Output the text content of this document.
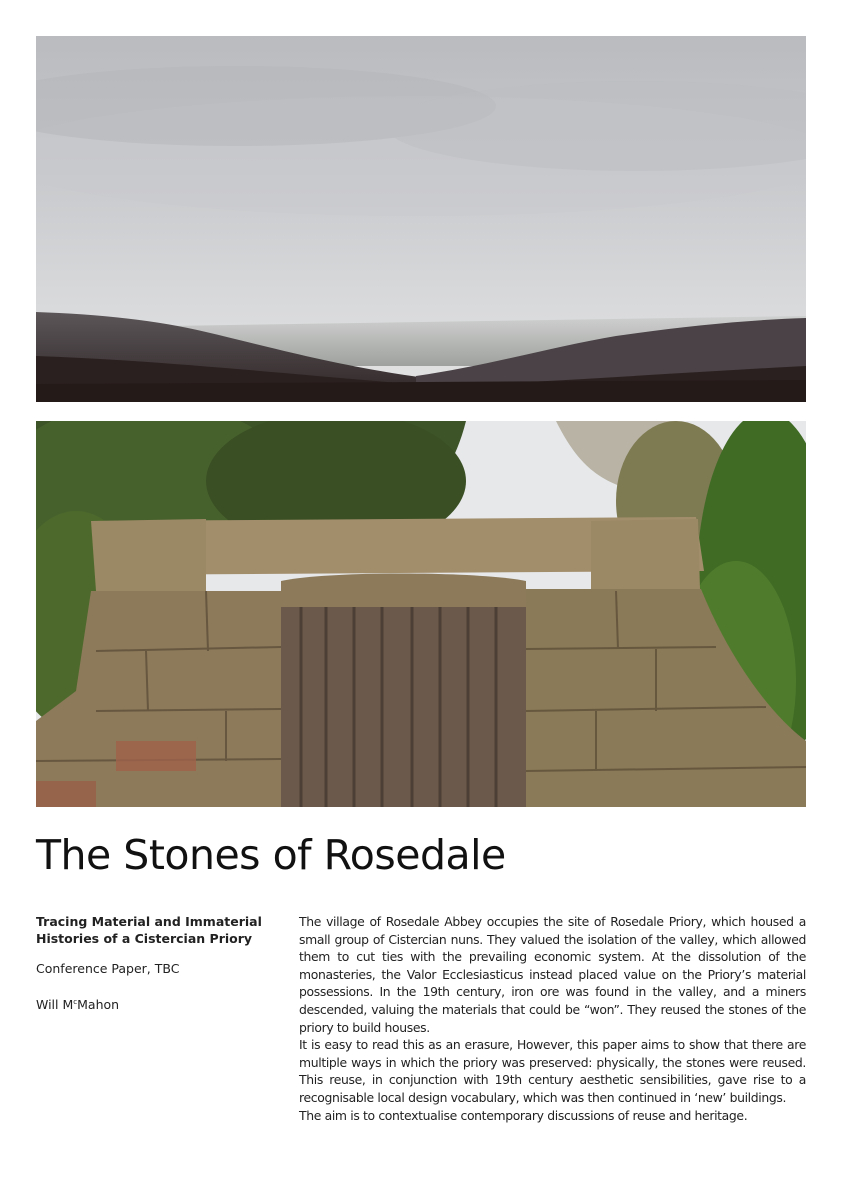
The Stones of Rosedale

Tracing Material and Immaterial
Histories of a Cistercian Priory

Conference Paper, TBC

Will $M^cMahon$

The village of Rosedale Abbey occupies the site of Rosedale Priory, which housed a small group of Cistercian nuns. They valued the isolation of the valley, which allowed them to cut ties with the prevailing economic system. At the dissolution of the monasteries, the Valor Ecclesiasticus instead placed value on the Priory’s material possessions. In the 19th century, iron ore was found in the valley, and a miners descended, valuing the materials that could be “won”. They reused the stones of the priory to build houses.

It is easy to read this as an erasure, However, this paper aims to show that there are multiple ways in which the priory was preserved: physically, the stones were reused. This reuse, in conjunction with 19th century aesthetic sensibilities, gave rise to a recognisable local design vocabulary, which was then continued in ‘new’ buildings.

The aim is to contextualise contemporary discussions of reuse and heritage.
